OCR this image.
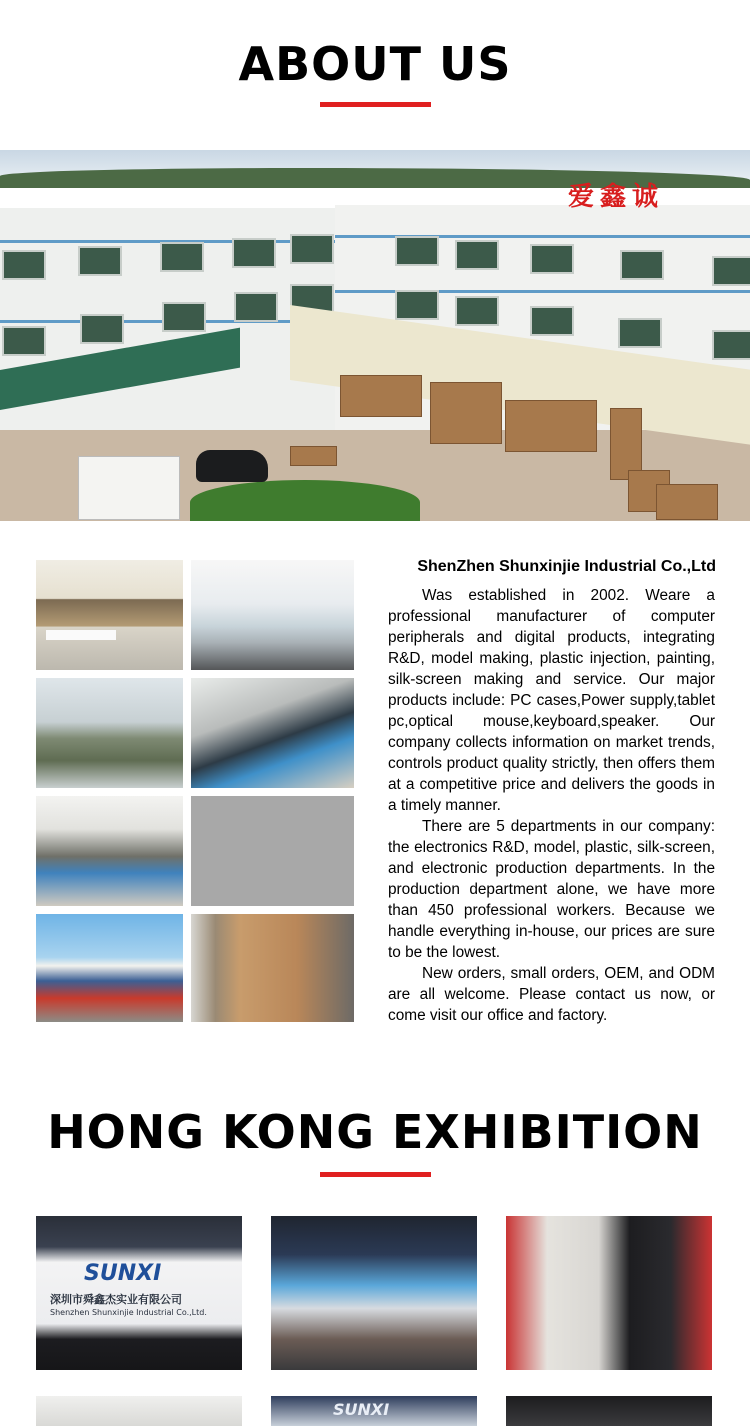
ABOUT US
爱鑫诚
ShenZhen Shunxinjie Industrial Co.,Ltd

Was established in 2002. Weare a professional manufacturer of computer peripherals and digital products, integrating R&D, model making, plastic injection, painting, silk-screen making and service. Our major products include: PC cases,Power supply,tablet pc,optical mouse,keyboard,speaker. Our company collects information on market trends, controls product quality strictly, then offers them at a competitive price and delivers the goods in a timely manner.

There are 5 departments in our company: the electronics R&D, model, plastic, silk-screen, and electronic production departments. In the production department alone, we have more than 450 professional workers. Because we handle everything in-house, our prices are sure to be the lowest.

New orders, small orders, OEM, and ODM are all welcome. Please contact us now, or come visit our office and factory.

HONG KONG EXHIBITION
SUNXI
深圳市舜鑫杰实业有限公司
Shenzhen Shunxinjie Industrial Co.,Ltd.
SUNXI
